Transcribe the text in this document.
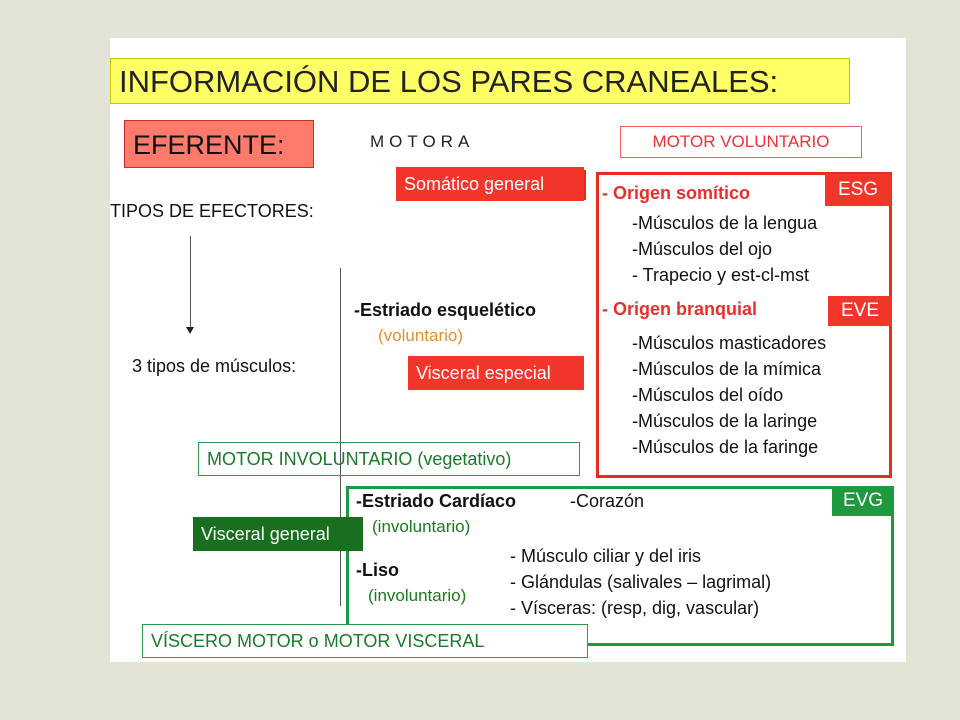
INFORMACIÓN DE LOS PARES CRANEALES:
EFERENTE:	MOTORA	MOTOR VOLUNTARIO
TIPOS DE EFECTORES:
3 tipos de músculos:
Somático general
-Estriado esquelético
(voluntario)
Visceral especial
ESG
EVE
- Origen somítico
-Músculos de la lengua
-Músculos del ojo
- Trapecio y est-cl-mst
- Origen branquial
-Músculos masticadores
-Músculos de la mímica
-Músculos del oído
-Músculos de la laringe
-Músculos de la faringe
MOTOR INVOLUNTARIO (vegetativo)
EVG
Visceral general
-Estriado Cardíaco	-Corazón
(involuntario)
-Liso
(involuntario)
- Músculo ciliar y del iris
- Glándulas (salivales – lagrimal)
- Vísceras: (resp, dig, vascular)
VÍSCERO MOTOR o MOTOR VISCERAL
